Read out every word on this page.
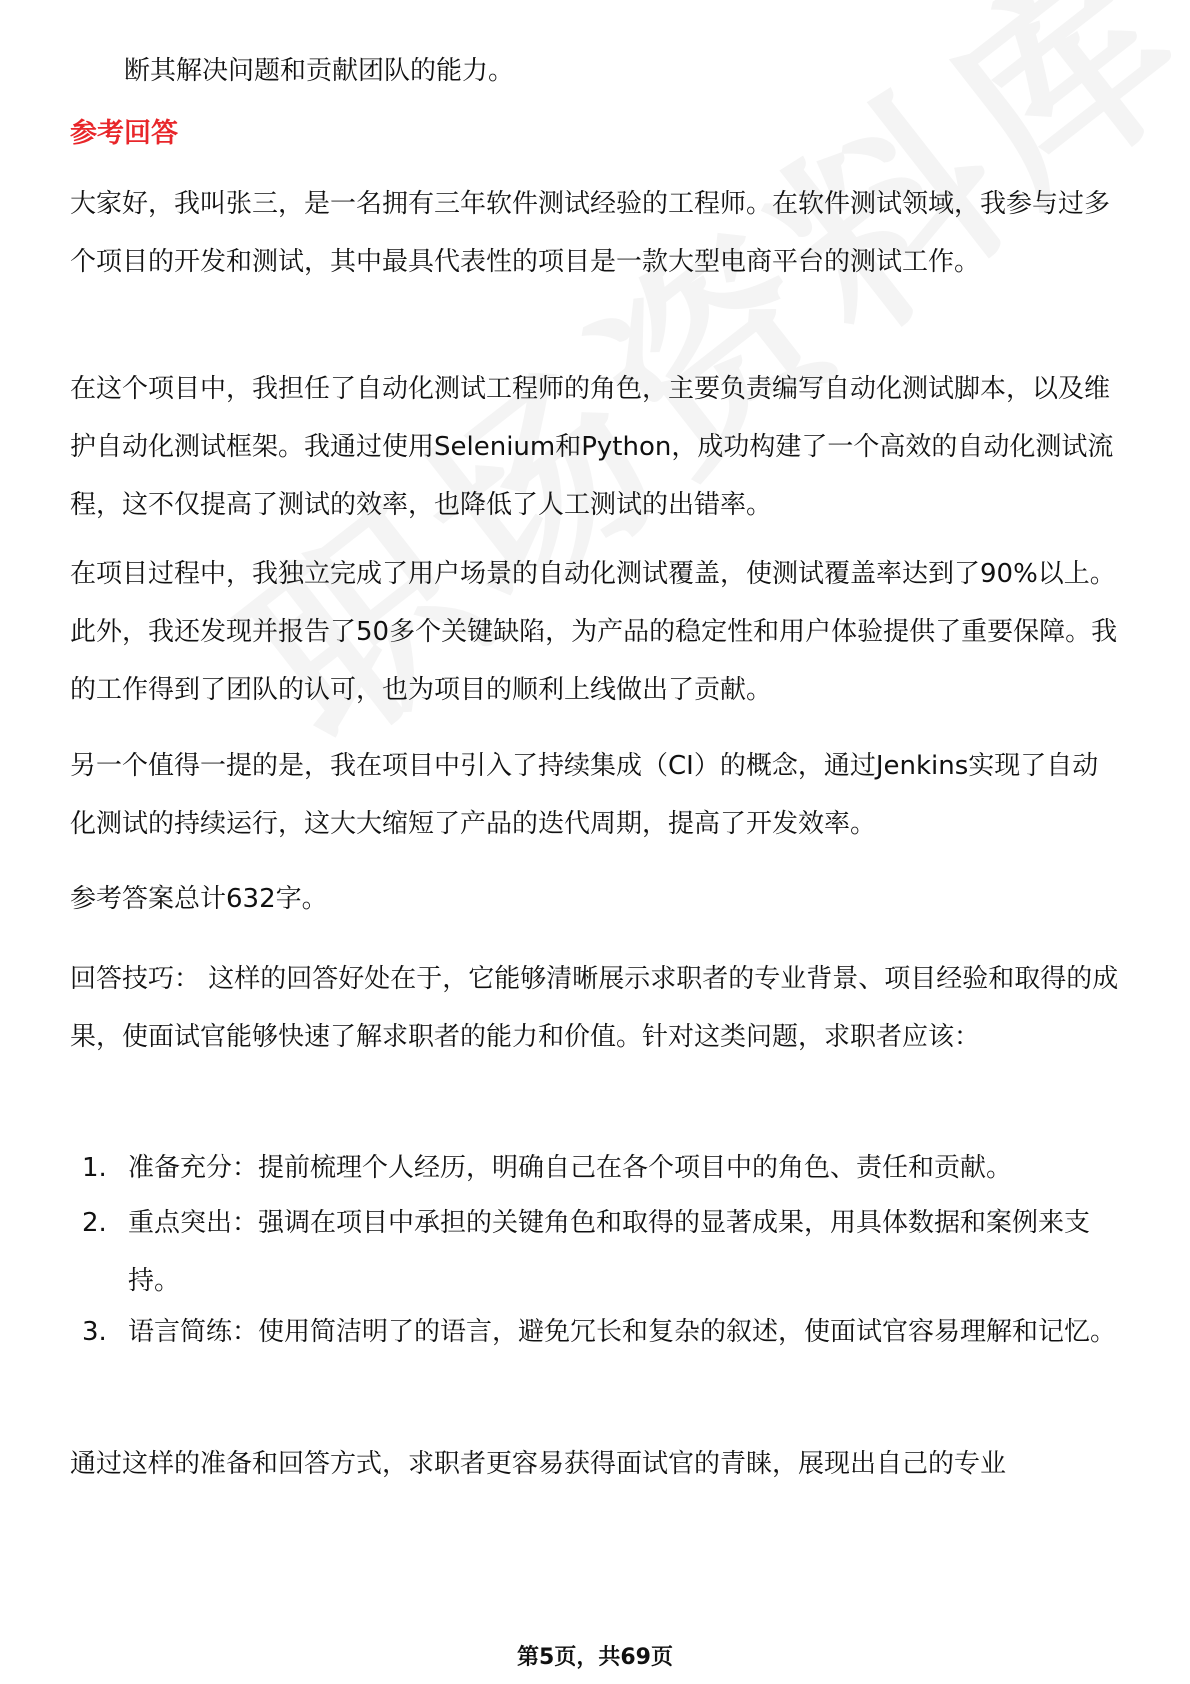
断其解决问题和贡献团队的能力。

参考回答

大家好，我叫张三，是一名拥有三年软件测试经验的工程师。在软件测试领域，我参与过多个项目的开发和测试，其中最具代表性的项目是一款大型电商平台的测试工作。

在这个项目中，我担任了自动化测试工程师的角色，主要负责编写自动化测试脚本，以及维护自动化测试框架。我通过使用Selenium和Python，成功构建了一个高效的自动化测试流程，这不仅提高了测试的效率，也降低了人工测试的出错率。

在项目过程中，我独立完成了用户场景的自动化测试覆盖，使测试覆盖率达到了90%以上。此外，我还发现并报告了50多个关键缺陷，为产品的稳定性和用户体验提供了重要保障。我的工作得到了团队的认可，也为项目的顺利上线做出了贡献。

另一个值得一提的是，我在项目中引入了持续集成（CI）的概念，通过Jenkins实现了自动化测试的持续运行，这大大缩短了产品的迭代周期，提高了开发效率。

参考答案总计632字。

回答技巧： 这样的回答好处在于，它能够清晰展示求职者的专业背景、项目经验和取得的成果，使面试官能够快速了解求职者的能力和价值。针对这类问题，求职者应该：

1. 准备充分：提前梳理个人经历，明确自己在各个项目中的角色、责任和贡献。

2. 重点突出：强调在项目中承担的关键角色和取得的显著成果，用具体数据和案例来支持。

3. 语言简练：使用简洁明了的语言，避免冗长和复杂的叙述，使面试官容易理解和记忆。

通过这样的准备和回答方式，求职者更容易获得面试官的青睐，展现出自己的专业

第5页，共69页
